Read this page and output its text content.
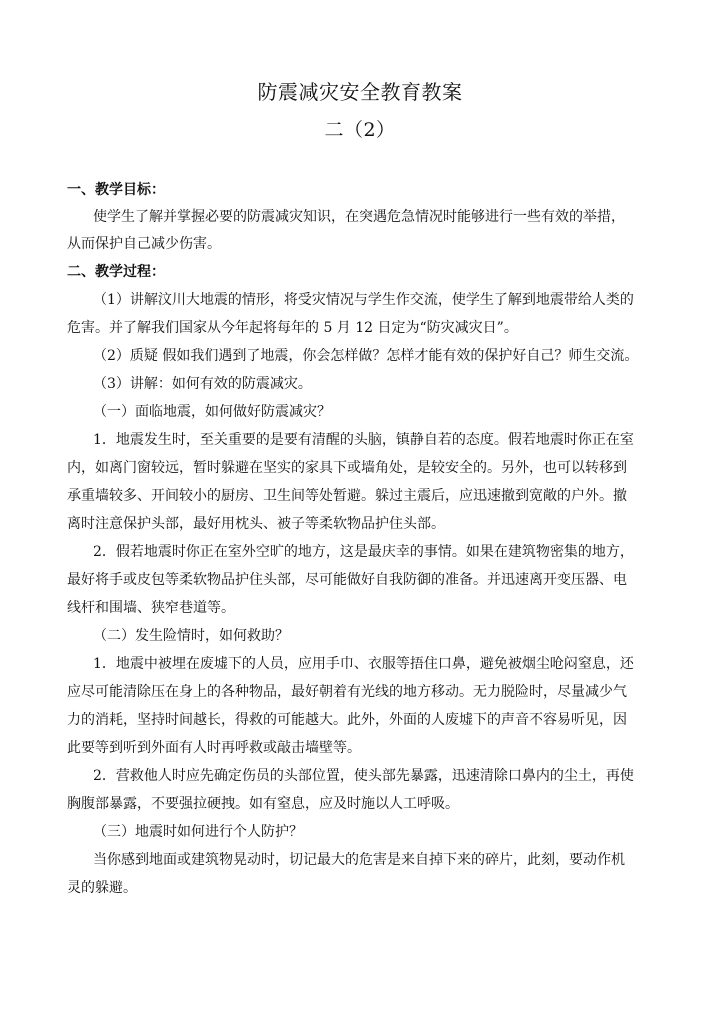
防震减灾安全教育教案
二（2）
一、教学目标：
使学生了解并掌握必要的防震减灾知识，在突遇危急情况时能够进行一些有效的举措，
从而保护自己减少伤害。
二、教学过程：
（1）讲解汶川大地震的情形，将受灾情况与学生作交流，使学生了解到地震带给人类的
危害。并了解我们国家从今年起将每年的 5 月 12 日定为“防灾减灾日”。
（2）质疑 假如我们遇到了地震，你会怎样做？怎样才能有效的保护好自己？师生交流。
（3）讲解：如何有效的防震减灾。
（一）面临地震，如何做好防震减灾？
1．地震发生时，至关重要的是要有清醒的头脑，镇静自若的态度。假若地震时你正在室
内，如离门窗较远，暂时躲避在坚实的家具下或墙角处，是较安全的。另外，也可以转移到
承重墙较多、开间较小的厨房、卫生间等处暂避。躲过主震后，应迅速撤到宽敞的户外。撤
离时注意保护头部，最好用枕头、被子等柔软物品护住头部。
2．假若地震时你正在室外空旷的地方，这是最庆幸的事情。如果在建筑物密集的地方，
最好将手或皮包等柔软物品护住头部，尽可能做好自我防御的准备。并迅速离开变压器、电
线杆和围墙、狭窄巷道等。
（二）发生险情时，如何救助？
1．地震中被埋在废墟下的人员，应用手巾、衣服等捂住口鼻，避免被烟尘呛闷窒息，还
应尽可能清除压在身上的各种物品，最好朝着有光线的地方移动。无力脱险时，尽量减少气
力的消耗，坚持时间越长，得救的可能越大。此外，外面的人废墟下的声音不容易听见，因
此要等到听到外面有人时再呼救或敲击墙壁等。
2．营救他人时应先确定伤员的头部位置，使头部先暴露，迅速清除口鼻内的尘土，再使
胸腹部暴露，不要强拉硬拽。如有窒息，应及时施以人工呼吸。
（三）地震时如何进行个人防护？
当你感到地面或建筑物晃动时，切记最大的危害是来自掉下来的碎片，此刻，要动作机
灵的躲避。
